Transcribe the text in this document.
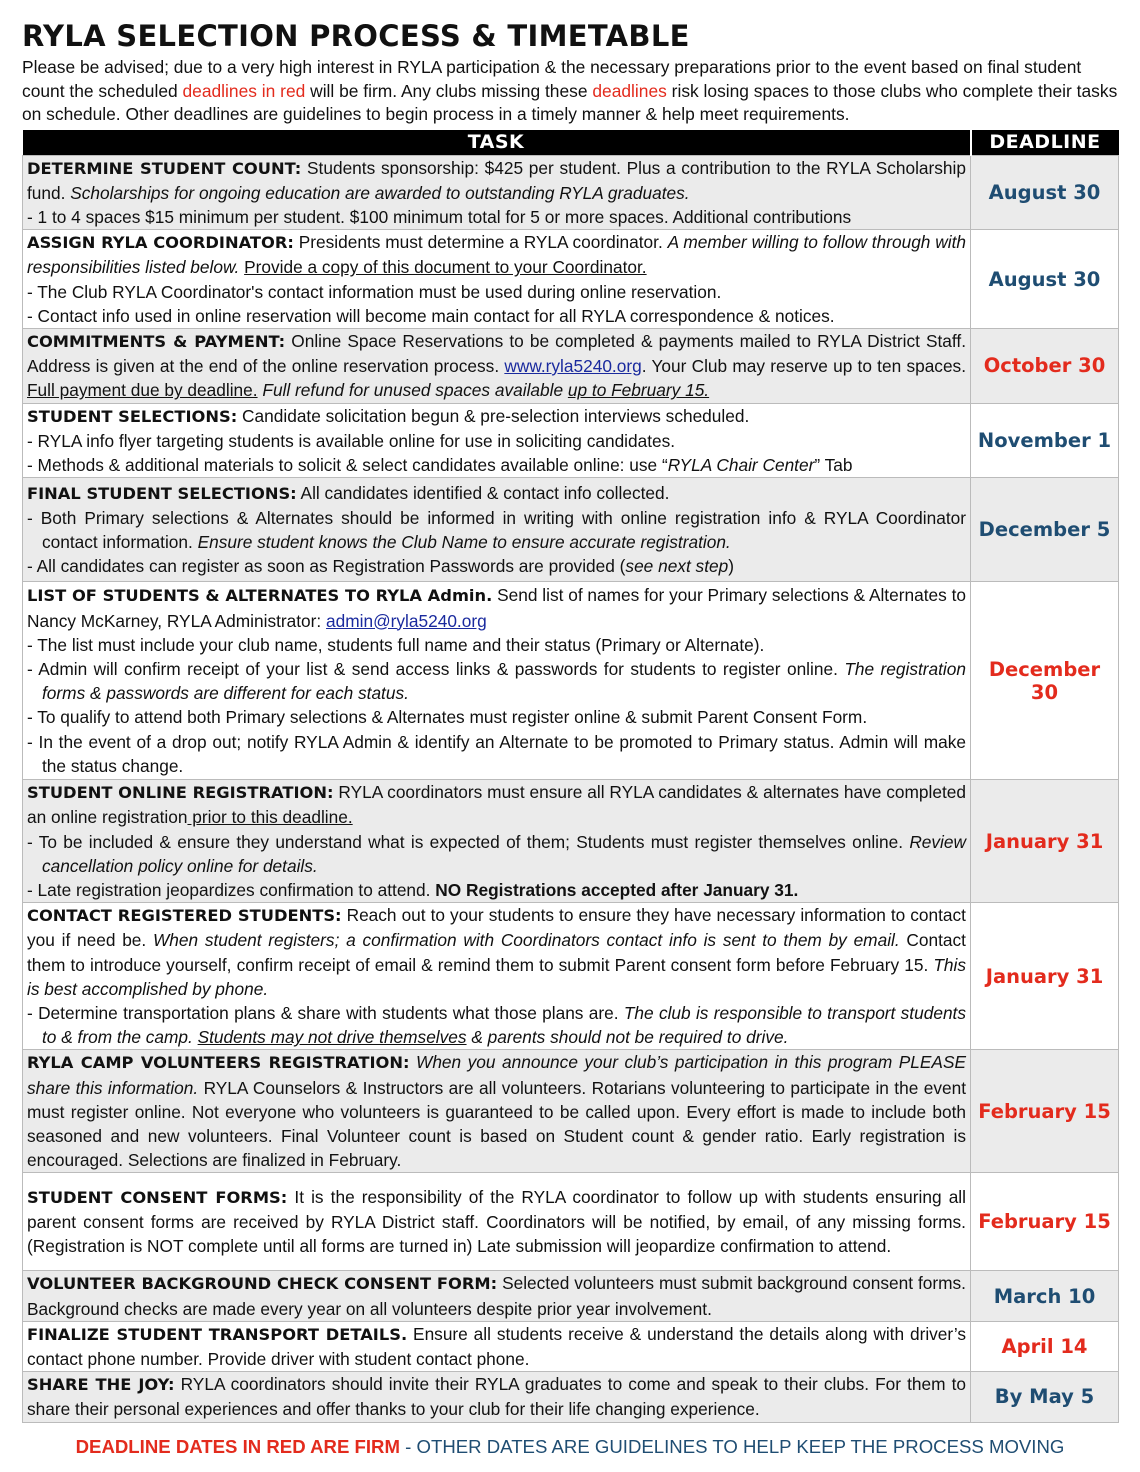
RYLA SELECTION PROCESS & TIMETABLE
Please be advised; due to a very high interest in RYLA participation & the necessary preparations prior to the event based on final student count the scheduled deadlines in red will be firm. Any clubs missing these deadlines risk losing spaces to those clubs who complete their tasks on schedule. Other deadlines are guidelines to begin process in a timely manner & help meet requirements.
TASK	DEADLINE
DETERMINE STUDENT COUNT: Students sponsorship: $425 per student. Plus a contribution to the RYLA Scholarship fund. Scholarships for ongoing education are awarded to outstanding RYLA graduates.
- 1 to 4 spaces $15 minimum per student. $100 minimum total for 5 or more spaces. Additional contributions	August 30
ASSIGN RYLA COORDINATOR: Presidents must determine a RYLA coordinator. A member willing to follow through with responsibilities listed below. Provide a copy of this document to your Coordinator.
- The Club RYLA Coordinator's contact information must be used during online reservation.
- Contact info used in online reservation will become main contact for all RYLA correspondence & notices.	August 30
COMMITMENTS & PAYMENT: Online Space Reservations to be completed & payments mailed to RYLA District Staff. Address is given at the end of the online reservation process. www.ryla5240.org. Your Club may reserve up to ten spaces. Full payment due by deadline. Full refund for unused spaces available up to February 15.	October 30
STUDENT SELECTIONS: Candidate solicitation begun & pre-selection interviews scheduled.
- RYLA info flyer targeting students is available online for use in soliciting candidates.
- Methods & additional materials to solicit & select candidates available online: use “RYLA Chair Center” Tab	November 1
FINAL STUDENT SELECTIONS: All candidates identified & contact info collected.
- Both Primary selections & Alternates should be informed in writing with online registration info & RYLA Coordinator contact information. Ensure student knows the Club Name to ensure accurate registration.
- All candidates can register as soon as Registration Passwords are provided (see next step)	December 5
LIST OF STUDENTS & ALTERNATES TO RYLA Admin. Send list of names for your Primary selections & Alternates to Nancy McKarney, RYLA Administrator: admin@ryla5240.org
- The list must include your club name, students full name and their status (Primary or Alternate).
- Admin will confirm receipt of your list & send access links & passwords for students to register online. The registration forms & passwords are different for each status.
- To qualify to attend both Primary selections & Alternates must register online & submit Parent Consent Form.
- In the event of a drop out; notify RYLA Admin & identify an Alternate to be promoted to Primary status. Admin will make the status change.	December 30
STUDENT ONLINE REGISTRATION: RYLA coordinators must ensure all RYLA candidates & alternates have completed an online registration prior to this deadline.
- To be included & ensure they understand what is expected of them; Students must register themselves online. Review cancellation policy online for details.
- Late registration jeopardizes confirmation to attend. NO Registrations accepted after January 31.	January 31
CONTACT REGISTERED STUDENTS: Reach out to your students to ensure they have necessary information to contact you if need be. When student registers; a confirmation with Coordinators contact info is sent to them by email. Contact them to introduce yourself, confirm receipt of email & remind them to submit Parent consent form before February 15. This is best accomplished by phone.
- Determine transportation plans & share with students what those plans are. The club is responsible to transport students to & from the camp. Students may not drive themselves & parents should not be required to drive.	January 31
RYLA CAMP VOLUNTEERS REGISTRATION: When you announce your club’s participation in this program PLEASE share this information. RYLA Counselors & Instructors are all volunteers. Rotarians volunteering to participate in the event must register online. Not everyone who volunteers is guaranteed to be called upon. Every effort is made to include both seasoned and new volunteers. Final Volunteer count is based on Student count & gender ratio. Early registration is encouraged. Selections are finalized in February.	February 15
STUDENT CONSENT FORMS: It is the responsibility of the RYLA coordinator to follow up with students ensuring all parent consent forms are received by RYLA District staff. Coordinators will be notified, by email, of any missing forms. (Registration is NOT complete until all forms are turned in) Late submission will jeopardize confirmation to attend.	February 15
VOLUNTEER BACKGROUND CHECK CONSENT FORM: Selected volunteers must submit background consent forms. Background checks are made every year on all volunteers despite prior year involvement.	March 10
FINALIZE STUDENT TRANSPORT DETAILS. Ensure all students receive & understand the details along with driver’s contact phone number. Provide driver with student contact phone.	April 14
SHARE THE JOY: RYLA coordinators should invite their RYLA graduates to come and speak to their clubs. For them to share their personal experiences and offer thanks to your club for their life changing experience.	By May 5
DEADLINE DATES IN RED ARE FIRM - OTHER DATES ARE GUIDELINES TO HELP KEEP THE PROCESS MOVING
